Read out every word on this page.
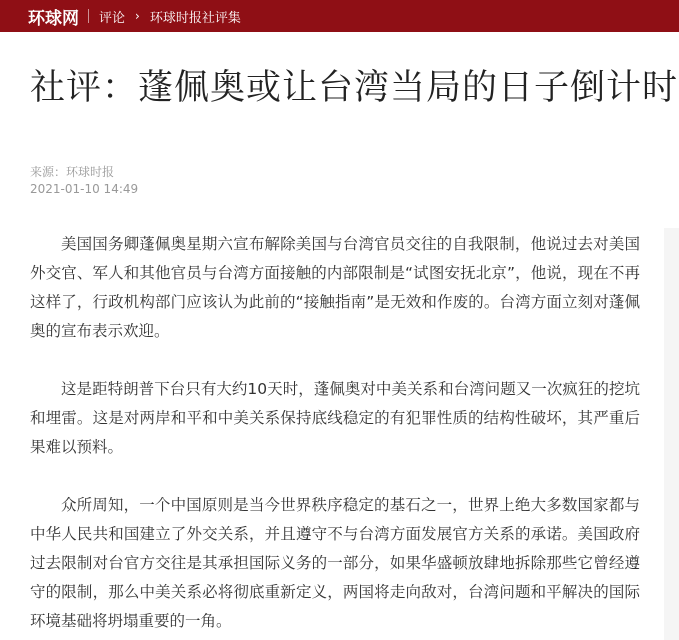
环球网 评论 › 环球时报社评集
社评：蓬佩奥或让台湾当局的日子倒计时
来源：环球时报
2021-01-10 14:49

美国国务卿蓬佩奥星期六宣布解除美国与台湾官员交往的自我限制，他说过去对美国外交官、军人和其他官员与台湾方面接触的内部限制是“试图安抚北京”，他说，现在不再这样了，行政机构部门应该认为此前的“接触指南”是无效和作废的。台湾方面立刻对蓬佩奥的宣布表示欢迎。

这是距特朗普下台只有大约10天时，蓬佩奥对中美关系和台湾问题又一次疯狂的挖坑和埋雷。这是对两岸和平和中美关系保持底线稳定的有犯罪性质的结构性破坏，其严重后果难以预料。

众所周知，一个中国原则是当今世界秩序稳定的基石之一，世界上绝大多数国家都与中华人民共和国建立了外交关系，并且遵守不与台湾方面发展官方关系的承诺。美国政府过去限制对台官方交往是其承担国际义务的一部分，如果华盛顿放肆地拆除那些它曾经遵守的限制，那么中美关系必将彻底重新定义，两国将走向敌对，台湾问题和平解决的国际环境基础将坍塌重要的一角。
